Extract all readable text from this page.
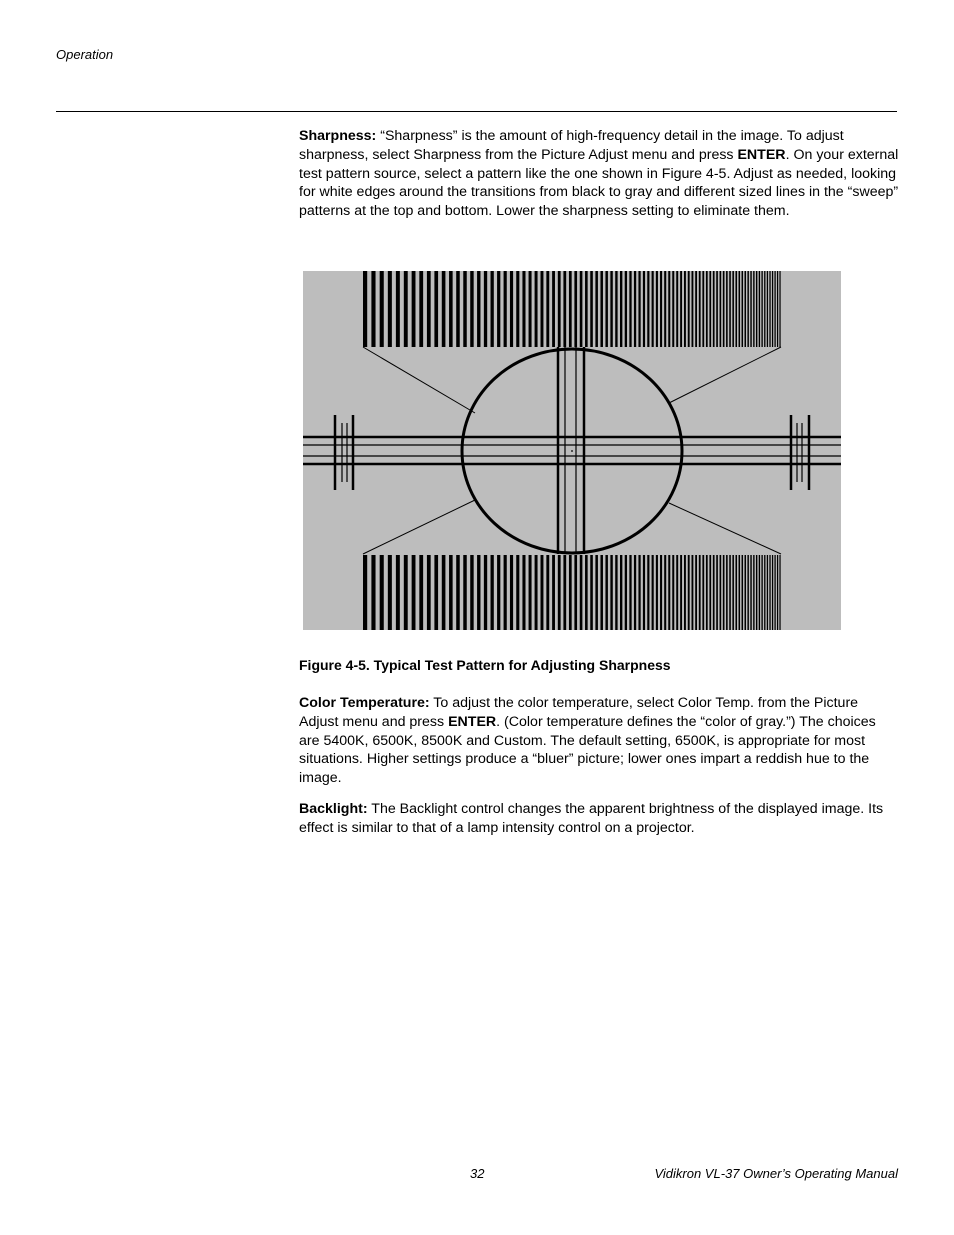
Operation

Sharpness: “Sharpness” is the amount of high-frequency detail in the image. To adjust sharpness, select Sharpness from the Picture Adjust menu and press ENTER. On your external test pattern source, select a pattern like the one shown in Figure 4-5. Adjust as needed, looking for white edges around the transitions from black to gray and different sized lines in the “sweep” patterns at the top and bottom. Lower the sharpness setting to eliminate them.

Figure 4-5. Typical Test Pattern for Adjusting Sharpness

Color Temperature: To adjust the color temperature, select Color Temp. from the Picture Adjust menu and press ENTER. (Color temperature defines the “color of gray.”) The choices are 5400K, 6500K, 8500K and Custom. The default setting, 6500K, is appropriate for most situations. Higher settings produce a “bluer” picture; lower ones impart a reddish hue to the image.

Backlight: The Backlight control changes the apparent brightness of the displayed image. Its effect is similar to that of a lamp intensity control on a projector.

32	Vidikron VL-37 Owner’s Operating Manual
